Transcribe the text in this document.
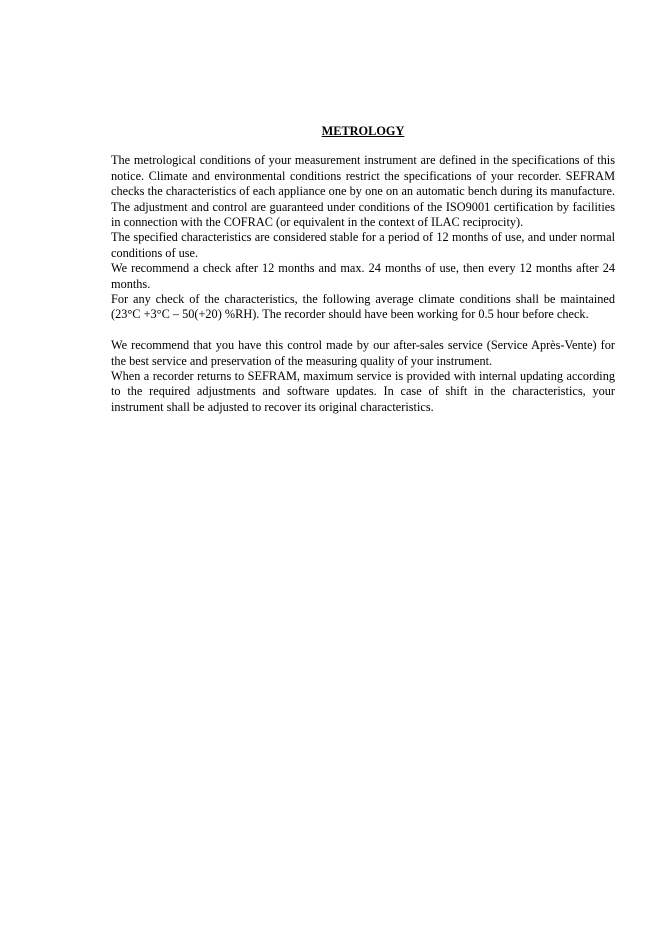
METROLOGY

The metrological conditions of your measurement instrument are defined in the specifications of this notice. Climate and environmental conditions restrict the specifications of your recorder. SEFRAM checks the characteristics of each appliance one by one on an automatic bench during its manufacture. The adjustment and control are guaranteed under conditions of the ISO9001 certification by facilities in connection with the COFRAC (or equivalent in the context of ILAC reciprocity).

The specified characteristics are considered stable for a period of 12 months of use, and under normal conditions of use.

We recommend a check after 12 months and max. 24 months of use, then every 12 months after 24 months.

For any check of the characteristics, the following average climate conditions shall be maintained (23°C +3°C – 50(+20) %RH). The recorder should have been working for 0.5 hour before check.

We recommend that you have this control made by our after-sales service (Service Après-Vente) for the best service and preservation of the measuring quality of your instrument.

When a recorder returns to SEFRAM, maximum service is provided with internal updating according to the required adjustments and software updates. In case of shift in the characteristics, your instrument shall be adjusted to recover its original characteristics.
